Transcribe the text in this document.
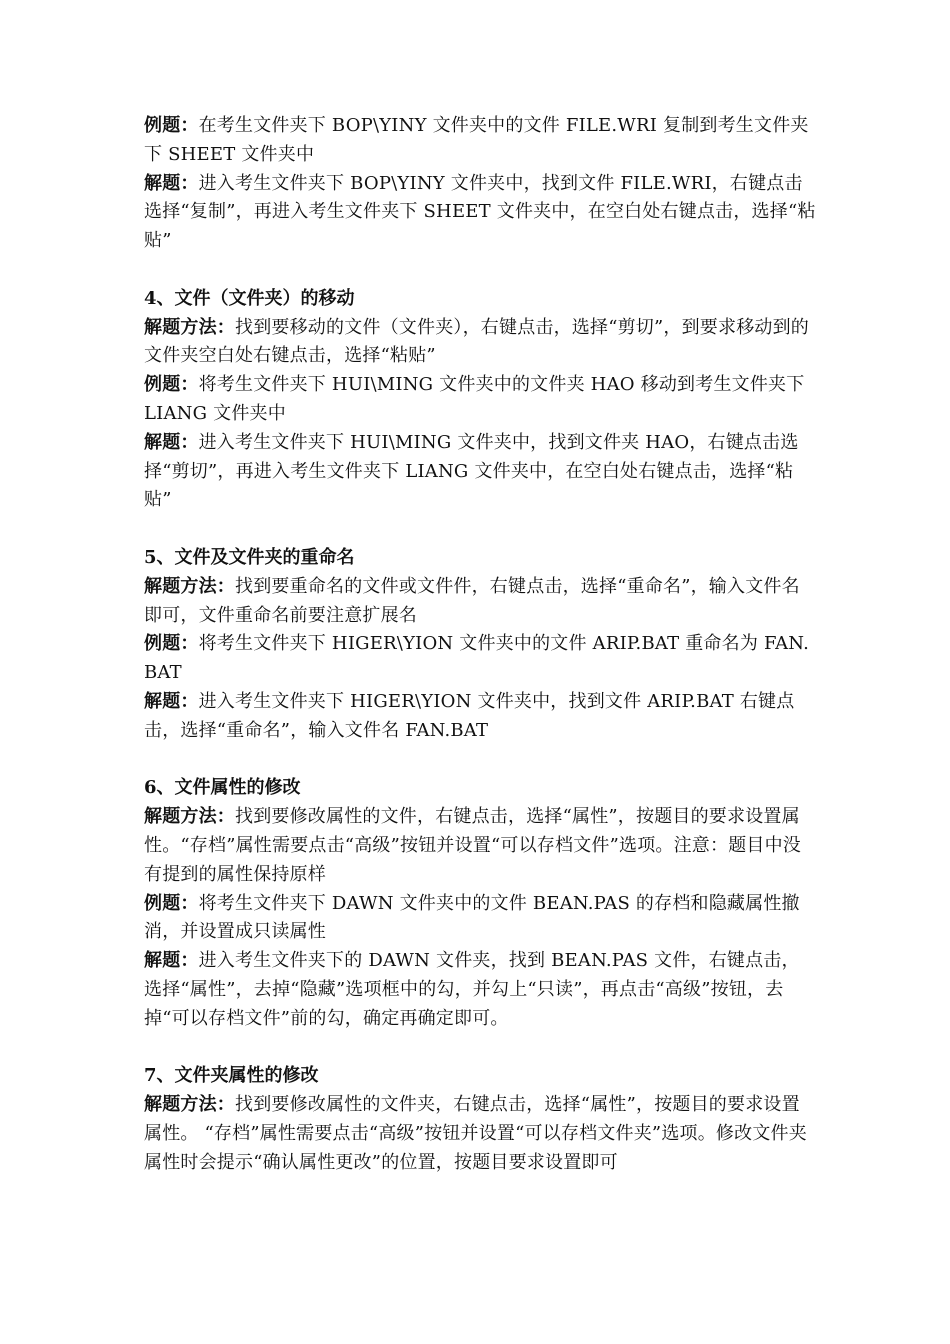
例题：在考生文件夹下 BOP\YINY 文件夹中的文件 FILE.WRI 复制到考生文件夹下 SHEET 文件夹中

解题：进入考生文件夹下 BOP\YINY 文件夹中，找到文件 FILE.WRI，右键点击选择“复制”，再进入考生文件夹下 SHEET 文件夹中，在空白处右键点击，选择“粘贴”

4、文件（文件夹）的移动

解题方法：找到要移动的文件（文件夹），右键点击，选择“剪切”，到要求移动到的文件夹空白处右键点击，选择“粘贴”

例题：将考生文件夹下 HUI\MING 文件夹中的文件夹 HAO 移动到考生文件夹下 LIANG 文件夹中

解题：进入考生文件夹下 HUI\MING 文件夹中，找到文件夹 HAO，右键点击选择“剪切”，再进入考生文件夹下 LIANG 文件夹中，在空白处右键点击，选择“粘贴”

5、文件及文件夹的重命名

解题方法：找到要重命名的文件或文件件，右键点击，选择“重命名”，输入文件名即可，文件重命名前要注意扩展名

例题：将考生文件夹下 HIGER\YION 文件夹中的文件 ARIP.BAT 重命名为 FAN.BAT

解题：进入考生文件夹下 HIGER\YION 文件夹中，找到文件 ARIP.BAT 右键点击，选择“重命名”，输入文件名 FAN.BAT

6、文件属性的修改

解题方法：找到要修改属性的文件，右键点击，选择“属性”，按题目的要求设置属性。“存档”属性需要点击“高级”按钮并设置“可以存档文件”选项。注意：题目中没有提到的属性保持原样

例题：将考生文件夹下 DAWN 文件夹中的文件 BEAN.PAS 的存档和隐藏属性撤消，并设置成只读属性

解题：进入考生文件夹下的 DAWN 文件夹，找到 BEAN.PAS 文件，右键点击，选择“属性”，去掉“隐藏”选项框中的勾，并勾上“只读”，再点击“高级”按钮，去掉“可以存档文件”前的勾，确定再确定即可。

7、文件夹属性的修改

解题方法：找到要修改属性的文件夹，右键点击，选择“属性”，按题目的要求设置属性。 “存档”属性需要点击“高级”按钮并设置“可以存档文件夹”选项。修改文件夹属性时会提示“确认属性更改”的位置，按题目要求设置即可
